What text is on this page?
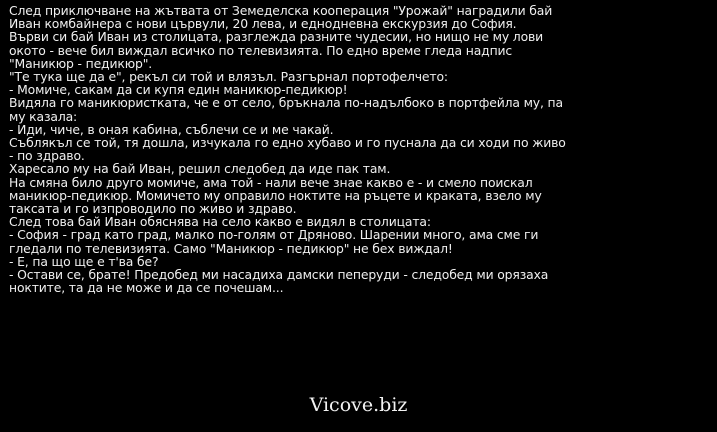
След приключване на жътвата от Земеделска кооперация "Урожай" наградили бай
Иван комбайнера с нови цървули, 20 лева, и еднодневна екскурзия до София.
Върви си бай Иван из столицата, разглежда разните чудесии, но нищо не му лови
окото - вече бил виждал всичко по телевизията. По едно време гледа надпис
"Маникюр - педикюр".
"Те тука ще да е", рекъл си той и влязъл. Разгърнал портофелчето:
- Момиче, сакам да си купя един маникюр-педикюр!
Видяла го маникюристката, че е от село, бръкнала по-надълбоко в портфейла му, па
му казала:
- Иди, чиче, в оная кабина, съблечи се и ме чакай.
Съблякъл се той, тя дошла, изчукала го едно хубаво и го пуснала да си ходи по живо
- по здраво.
Харесало му на бай Иван, решил следобед да иде пак там.
На смяна било друго момиче, ама той - нали вече знае какво е - и смело поискал
маникюр-педикюр. Момичето му оправило ноктите на ръцете и краката, взело му
таксата и го изпроводило по живо и здраво.
След това бай Иван обяснява на село какво е видял в столицата:
- София - град като град, малко по-голям от Дряново. Шарении много, ама сме ги
гледали по телевизията. Само "Маникюр - педикюр" не бех виждал!
- Е, па що ще е т'ва бе?
- Остави се, брате! Предобед ми насадиха дамски пеперуди - следобед ми орязаха
ноктите, та да не може и да се почешам...
Vicove.biz
